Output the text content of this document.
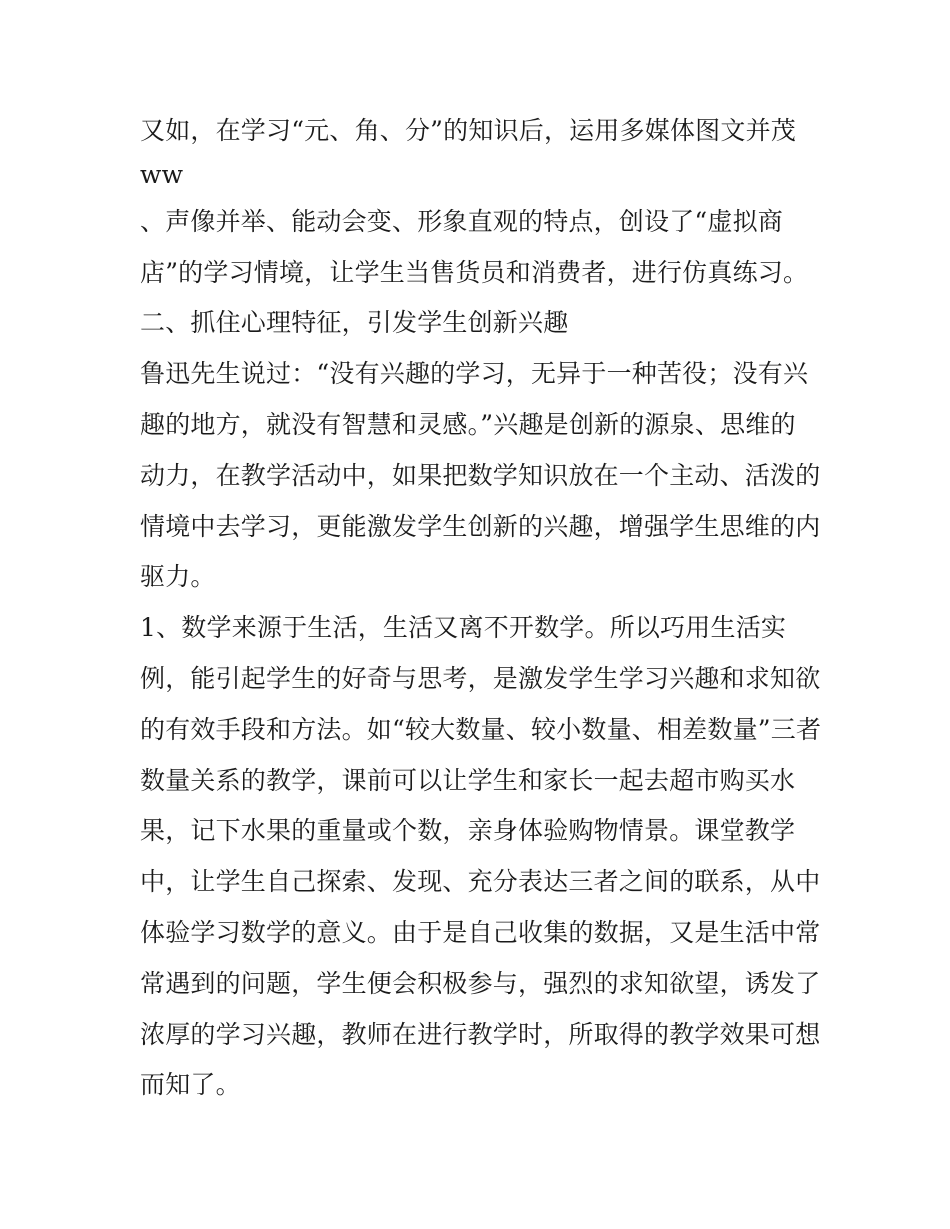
又如，在学习“元、角、分”的知识后，运用多媒体图文并茂
ww
、声像并举、能动会变、形象直观的特点，创设了“虚拟商
店”的学习情境，让学生当售货员和消费者，进行仿真练习。
二、抓住心理特征，引发学生创新兴趣
鲁迅先生说过：“没有兴趣的学习，无异于一种苦役；没有兴
趣的地方，就没有智慧和灵感。”兴趣是创新的源泉、思维的
动力，在教学活动中，如果把数学知识放在一个主动、活泼的
情境中去学习，更能激发学生创新的兴趣，增强学生思维的内
驱力。
1、数学来源于生活，生活又离不开数学。所以巧用生活实
例，能引起学生的好奇与思考，是激发学生学习兴趣和求知欲
的有效手段和方法。如“较大数量、较小数量、相差数量”三者
数量关系的教学，课前可以让学生和家长一起去超市购买水
果，记下水果的重量或个数，亲身体验购物情景。课堂教学
中，让学生自己探索、发现、充分表达三者之间的联系，从中
体验学习数学的意义。由于是自己收集的数据，又是生活中常
常遇到的问题，学生便会积极参与，强烈的求知欲望，诱发了
浓厚的学习兴趣，教师在进行教学时，所取得的教学效果可想
而知了。
